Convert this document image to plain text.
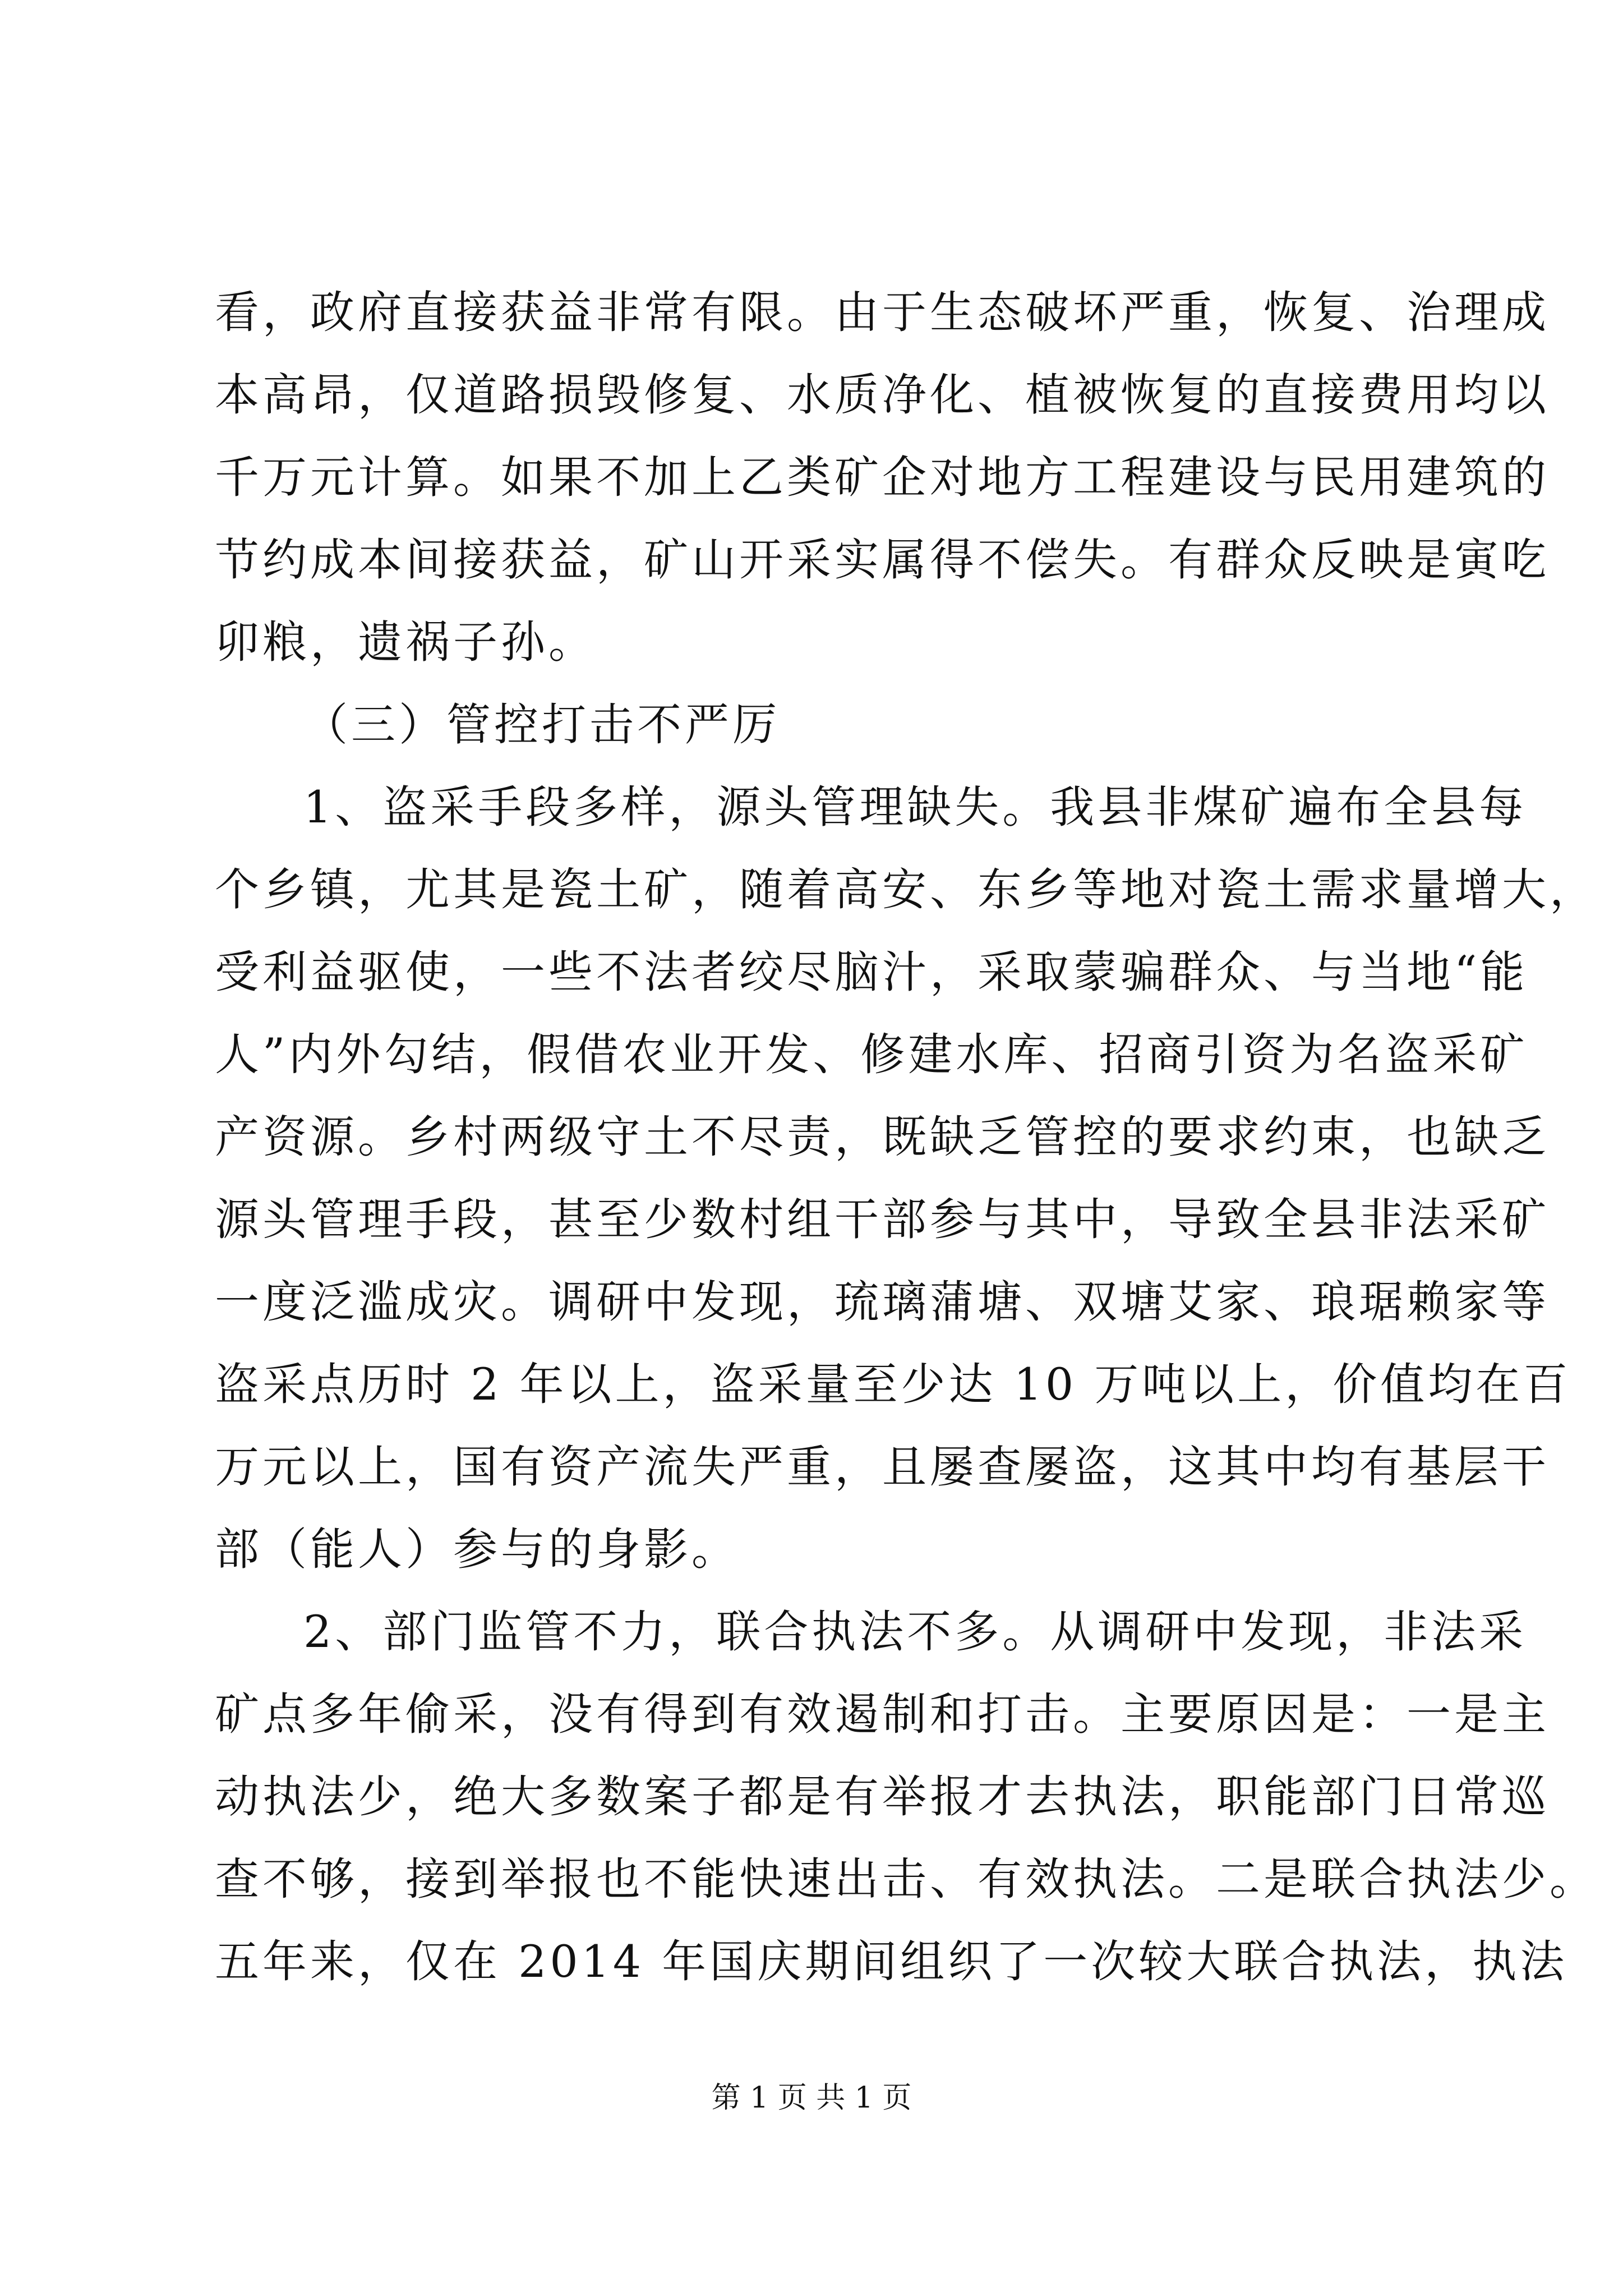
看，政府直接获益非常有限。由于生态破坏严重，恢复、治理成
本高昂，仅道路损毁修复、水质净化、植被恢复的直接费用均以
千万元计算。如果不加上乙类矿企对地方工程建设与民用建筑的
节约成本间接获益，矿山开采实属得不偿失。有群众反映是寅吃
卯粮，遗祸子孙。
（三）管控打击不严厉
1、盗采手段多样，源头管理缺失。我县非煤矿遍布全县每
个乡镇，尤其是瓷土矿，随着高安、东乡等地对瓷土需求量增大，
受利益驱使，一些不法者绞尽脑汁，采取蒙骗群众、与当地“能
人”内外勾结，假借农业开发、修建水库、招商引资为名盗采矿
产资源。乡村两级守土不尽责，既缺乏管控的要求约束，也缺乏
源头管理手段，甚至少数村组干部参与其中，导致全县非法采矿
一度泛滥成灾。调研中发现，琉璃蒲塘、双塘艾家、琅琚赖家等
盗采点历时 2 年以上，盗采量至少达 10 万吨以上，价值均在百
万元以上，国有资产流失严重，且屡查屡盗，这其中均有基层干
部（能人）参与的身影。
2、部门监管不力，联合执法不多。从调研中发现，非法采
矿点多年偷采，没有得到有效遏制和打击。主要原因是：一是主
动执法少，绝大多数案子都是有举报才去执法，职能部门日常巡
查不够，接到举报也不能快速出击、有效执法。二是联合执法少。
五年来，仅在 2014 年国庆期间组织了一次较大联合执法，执法
第 1 页 共 1 页
